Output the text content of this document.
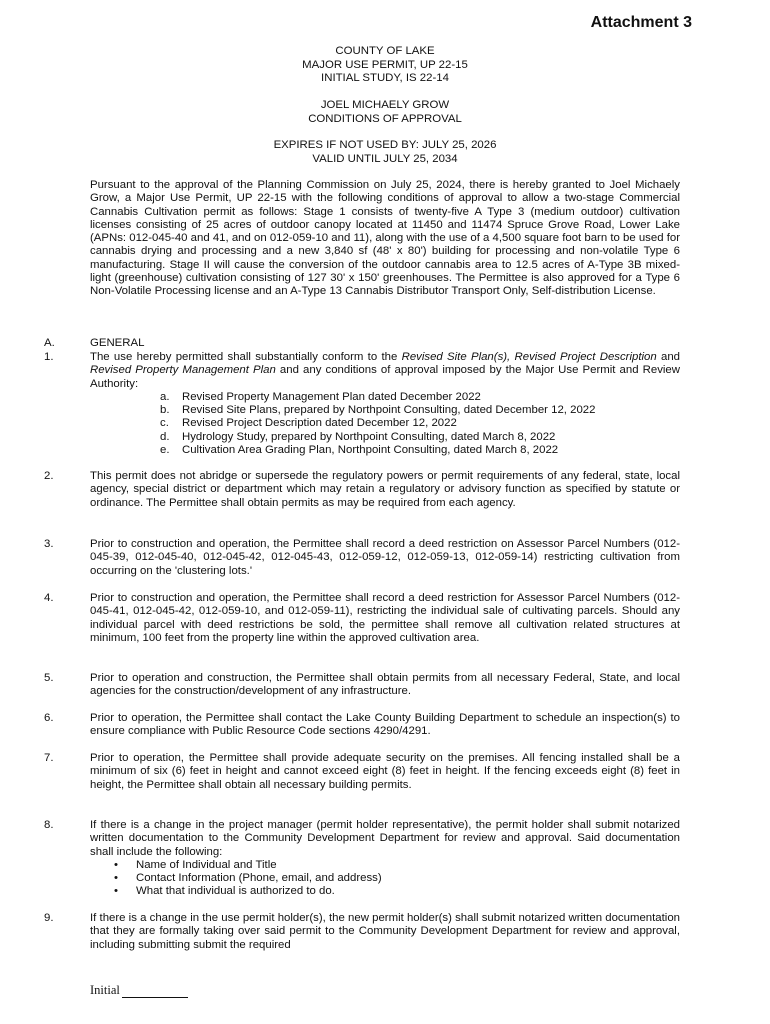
Attachment 3
COUNTY OF LAKE
MAJOR USE PERMIT, UP 22-15
INITIAL STUDY, IS 22-14
JOEL MICHAELY GROW
CONDITIONS OF APPROVAL
EXPIRES IF NOT USED BY: JULY 25, 2026
VALID UNTIL JULY 25, 2034
Pursuant to the approval of the Planning Commission on July 25, 2024, there is hereby granted to Joel Michaely Grow, a Major Use Permit, UP 22-15 with the following conditions of approval to allow a two-stage Commercial Cannabis Cultivation permit as follows: Stage 1 consists of twenty-five A Type 3 (medium outdoor) cultivation licenses consisting of 25 acres of outdoor canopy located at 11450 and 11474 Spruce Grove Road, Lower Lake (APNs: 012-045-40 and 41, and on 012-059-10 and 11), along with the use of a 4,500 square foot barn to be used for cannabis drying and processing and a new 3,840 sf (48' x 80') building for processing and non-volatile Type 6 manufacturing. Stage II will cause the conversion of the outdoor cannabis area to 12.5 acres of A-Type 3B mixed-light (greenhouse) cultivation consisting of 127 30' x 150' greenhouses. The Permittee is also approved for a Type 6 Non-Volatile Processing license and an A-Type 13 Cannabis Distributor Transport Only, Self-distribution License.
A.	GENERAL
1.	The use hereby permitted shall substantially conform to the Revised Site Plan(s), Revised Project Description and Revised Property Management Plan and any conditions of approval imposed by the Major Use Permit and Review Authority:
a.	Revised Property Management Plan dated December 2022
b.	Revised Site Plans, prepared by Northpoint Consulting, dated December 12, 2022
c.	Revised Project Description dated December 12, 2022
d.	Hydrology Study, prepared by Northpoint Consulting, dated March 8, 2022
e.	Cultivation Area Grading Plan, Northpoint Consulting, dated March 8, 2022
2.	This permit does not abridge or supersede the regulatory powers or permit requirements of any federal, state, local agency, special district or department which may retain a regulatory or advisory function as specified by statute or ordinance. The Permittee shall obtain permits as may be required from each agency.
3.	Prior to construction and operation, the Permittee shall record a deed restriction on Assessor Parcel Numbers (012-045-39, 012-045-40, 012-045-42, 012-045-43, 012-059-12, 012-059-13, 012-059-14) restricting cultivation from occurring on the 'clustering lots.'
4.	Prior to construction and operation, the Permittee shall record a deed restriction for Assessor Parcel Numbers (012-045-41, 012-045-42, 012-059-10, and 012-059-11), restricting the individual sale of cultivating parcels. Should any individual parcel with deed restrictions be sold, the permittee shall remove all cultivation related structures at minimum, 100 feet from the property line within the approved cultivation area.
5.	Prior to operation and construction, the Permittee shall obtain permits from all necessary Federal, State, and local agencies for the construction/development of any infrastructure.
6.	Prior to operation, the Permittee shall contact the Lake County Building Department to schedule an inspection(s) to ensure compliance with Public Resource Code sections 4290/4291.
7.	Prior to operation, the Permittee shall provide adequate security on the premises. All fencing installed shall be a minimum of six (6) feet in height and cannot exceed eight (8) feet in height. If the fencing exceeds eight (8) feet in height, the Permittee shall obtain all necessary building permits.
8.	If there is a change in the project manager (permit holder representative), the permit holder shall submit notarized written documentation to the Community Development Department for review and approval. Said documentation shall include the following:
• Name of Individual and Title
• Contact Information (Phone, email, and address)
• What that individual is authorized to do.
9.	If there is a change in the use permit holder(s), the new permit holder(s) shall submit notarized written documentation that they are formally taking over said permit to the Community Development Department for review and approval, including submitting submit the required
Initial
